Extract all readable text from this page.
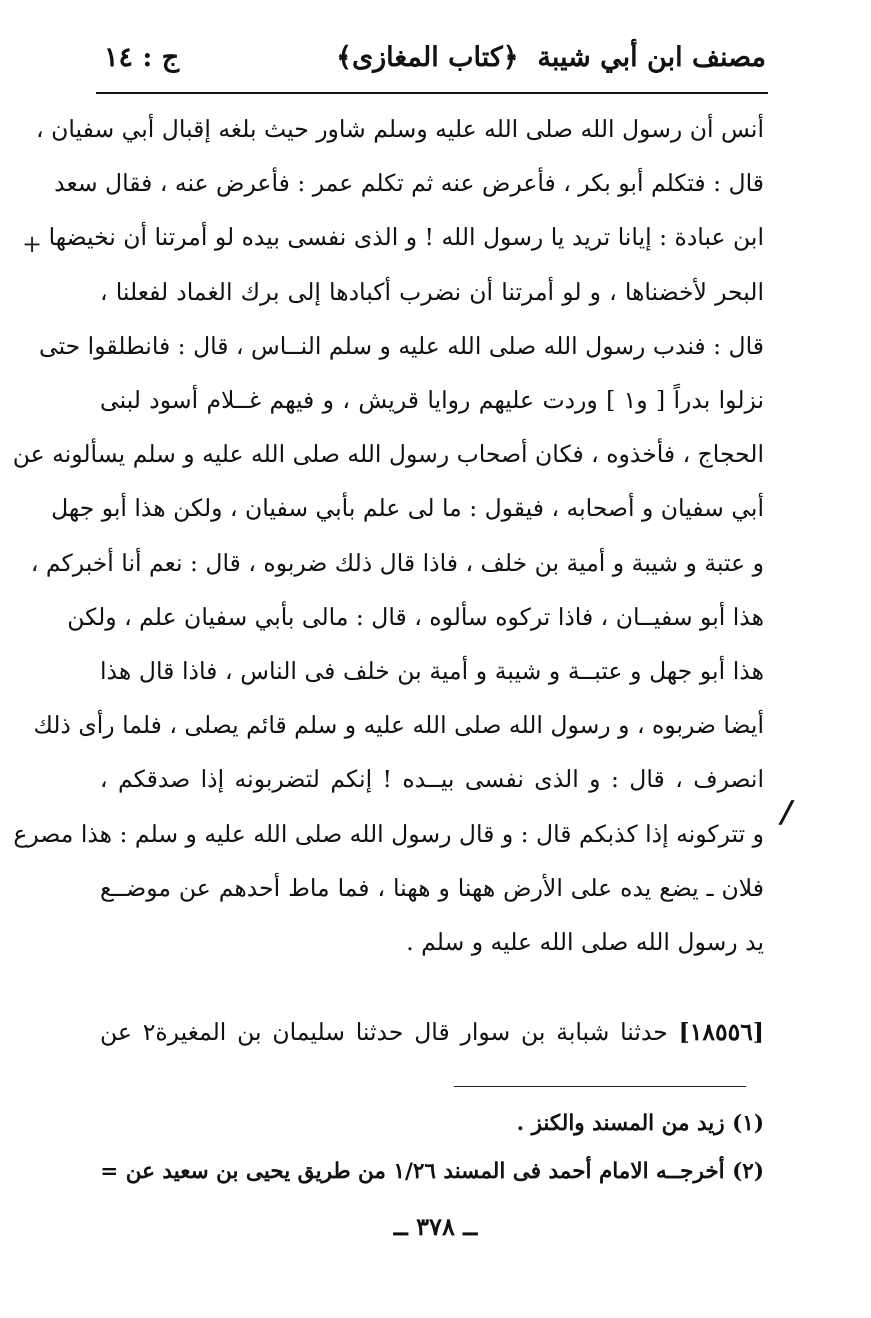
مصنف ابن أبي شيبة
﴿كتاب المغازى﴾
ج : ١٤
أنس أن رسول الله صلى الله عليه وسلم شاور حيث بلغه إقبال أبي سفيان ،
قال : فتكلم أبو بكر ، فأعرض عنه ثم تكلم عمر : فأعرض عنه ، فقال سعد
ابن عبادة : إيانا تريد يا رسول الله ! و الذى نفسى بيده لو أمرتنا أن نخيضها
البحر لأخضناها ، و لو أمرتنا أن نضرب أكبادها إلى برك الغماد لفعلنا ،
قال : فندب رسول الله صلى الله عليه و سلم النــاس ، قال : فانطلقوا حتى
نزلوا بدراً [ و١ ] وردت عليهم روايا قريش ، و فيهم غــلام أسود لبنى
الحجاج ، فأخذوه ، فكان أصحاب رسول الله صلى الله عليه و سلم يسألونه عن
أبي سفيان و أصحابه ، فيقول : ما لى علم بأبي سفيان ، ولكن هذا أبو جهل
و عتبة و شيبة و أمية بن خلف ، فاذا قال ذلك ضربوه ، قال : نعم أنا أخبركم ،
هذا أبو سفيــان ، فاذا تركوه سألوه ، قال : مالى بأبي سفيان علم ، ولكن
هذا أبو جهل و عتبــة و شيبة و أمية بن خلف فى الناس ، فاذا قال هذا
أيضا ضربوه ، و رسول الله صلى الله عليه و سلم قائم يصلى ، فلما رأى ذلك
انصرف ، قال : و الذى نفسى بيــده ! إنكم لتضربونه إذا صدقكم ،
و تتركونه إذا كذبكم قال : و قال رسول الله صلى الله عليه و سلم : هذا مصرع
فلان ـ يضع يده على الأرض ههنا و ههنا ، فما ماط أحدهم عن موضــع
يد رسول الله صلى الله عليه و سلم .
[١٨٥٥٦] حدثنا شبابة بن سوار قال حدثنا سليمان بن المغيرة٢ عن
(١) زيد من المسند والكنز .
(٢) أخرجــه الامام أحمد فى المسند ١/٢٦ من طريق يحيى بن سعيد عن =
ــ ٣٧٨ ــ
+
/
